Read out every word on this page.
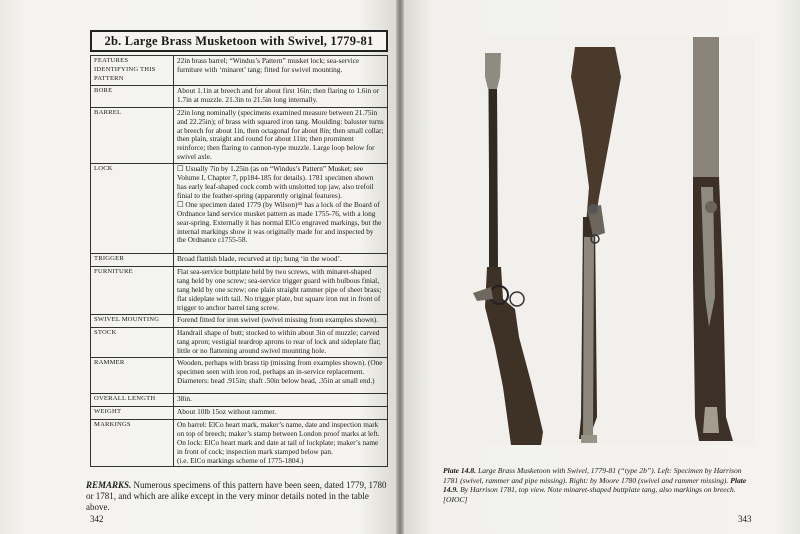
2b. Large Brass Musketoon with Swivel, 1779-81
FEATURES IDENTIFYING THIS PATTERN	22in brass barrel; “Windus’s Pattern” musket lock; sea-service furniture with ‘minaret’ tang; fitted for swivel mounting.

BORE	About 1.1in at breech and for about first 16in; then flaring to 1.6in or 1.7in at muzzle. 21.3in to 21.5in long internally.

BARREL	22in long nominally (specimens examined measure between 21.75in and 22.25in); of brass with squared iron tang. Moulding: baluster turns at breech for about 1in, then octagonal for about 8in; then small collar; then plain, straight and round for about 11in; then prominent reinforce; then flaring to cannon-type muzzle. Large loop below for swivel axle.

LOCK	☐ Usually 7in by 1.25in (as on “Windus’s Pattern” Musket; see Volume I, Chapter 7, pp184-185 for details). 1781 specimen shown has early leaf-shaped cock comb with unslotted top jaw, also trefoil finial to the feather-spring (apparently original features).
☐ One specimen dated 1779 (by Wilson)⁴⁵ has a lock of the Board of Ordnance land service musket pattern as made 1755-76, with a long sear-spring. Externally it has normal ElCo engraved markings, but the internal markings show it was originally made for and inspected by the Ordnance c1755-58.

TRIGGER	Broad flattish blade, recurved at tip; hung ‘in the wood’.

FURNITURE	Flat sea-service buttplate held by two screws, with minaret-shaped tang held by one screw; sea-service trigger guard with bulbous finial, tang held by one screw; one plain straight rammer pipe of sheet brass; flat sideplate with tail. No trigger plate, but square iron nut in front of trigger to anchor barrel tang screw.

SWIVEL MOUNTING	Forend fitted for iron swivel (swivel missing from examples shown).

STOCK	Handrail shape of butt; stocked to within about 3in of muzzle; carved tang apron; vestigial teardrop aprons to rear of lock and sideplate flat; little or no flattening around swivel mounting hole.

RAMMER	Wooden, perhaps with brass tip (missing from examples shown). (One specimen seen with iron rod, perhaps an in-service replacement. Diameters: head .915in; shaft .50in below head, .35in at small end.)

OVERALL LENGTH	38in.

WEIGHT	About 10lb 15oz without rammer.

MARKINGS	On barrel: ElCo heart mark, maker’s name, date and inspection mark on top of breech; maker’s stamp between London proof marks at left.
On lock: ElCo heart mark and date at tail of lockplate; maker’s name in front of cock; inspection mark stamped below pan.
(i.e. ElCo markings scheme of 1775-1804.)
REMARKS. Numerous specimens of this pattern have been seen, dated 1779, 1780 or 1781, and which are alike except in the very minor details noted in the table above.
342
Plate 14.8. Large Brass Musketoon with Swivel, 1779-81 (“type 2b”). Left: Specimen by Harrison 1781 (swivel, rammer and pipe missing). Right: by Moore 1780 (swivel and rammer missing). Plate 14.9. By Harrison 1781, top view. Note minaret-shaped buttplate tang, also markings on breech. [OIOC]
343
